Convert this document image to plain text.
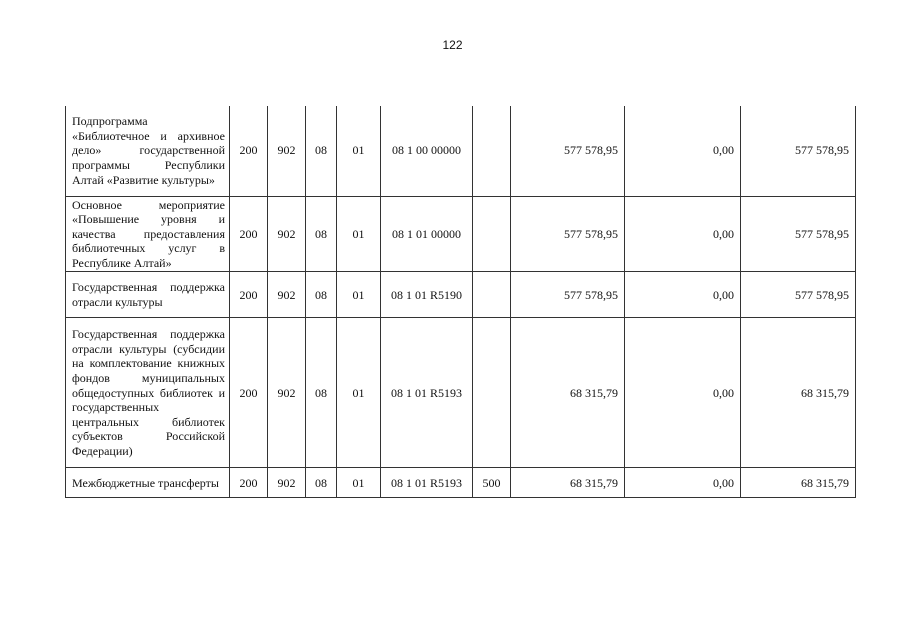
122
Подпрограмма «Библиотечное и архивное дело» государственной программы Республики Алтай «Развитие культуры»	200	902	08	01	08 1 00 00000		577 578,95	0,00	577 578,95
Основное мероприятие «Повышение уровня и качества предоставления библиотечных услуг в Республике Алтай»	200	902	08	01	08 1 01 00000		577 578,95	0,00	577 578,95
Государственная поддержка отрасли культуры	200	902	08	01	08 1 01 R5190		577 578,95	0,00	577 578,95
Государственная поддержка отрасли культуры (субсидии на комплектование книжных фондов муниципальных общедоступных библиотек и государственных центральных библиотек субъектов Российской Федерации)	200	902	08	01	08 1 01 R5193		68 315,79	0,00	68 315,79
Межбюджетные трансферты	200	902	08	01	08 1 01 R5193	500	68 315,79	0,00	68 315,79
